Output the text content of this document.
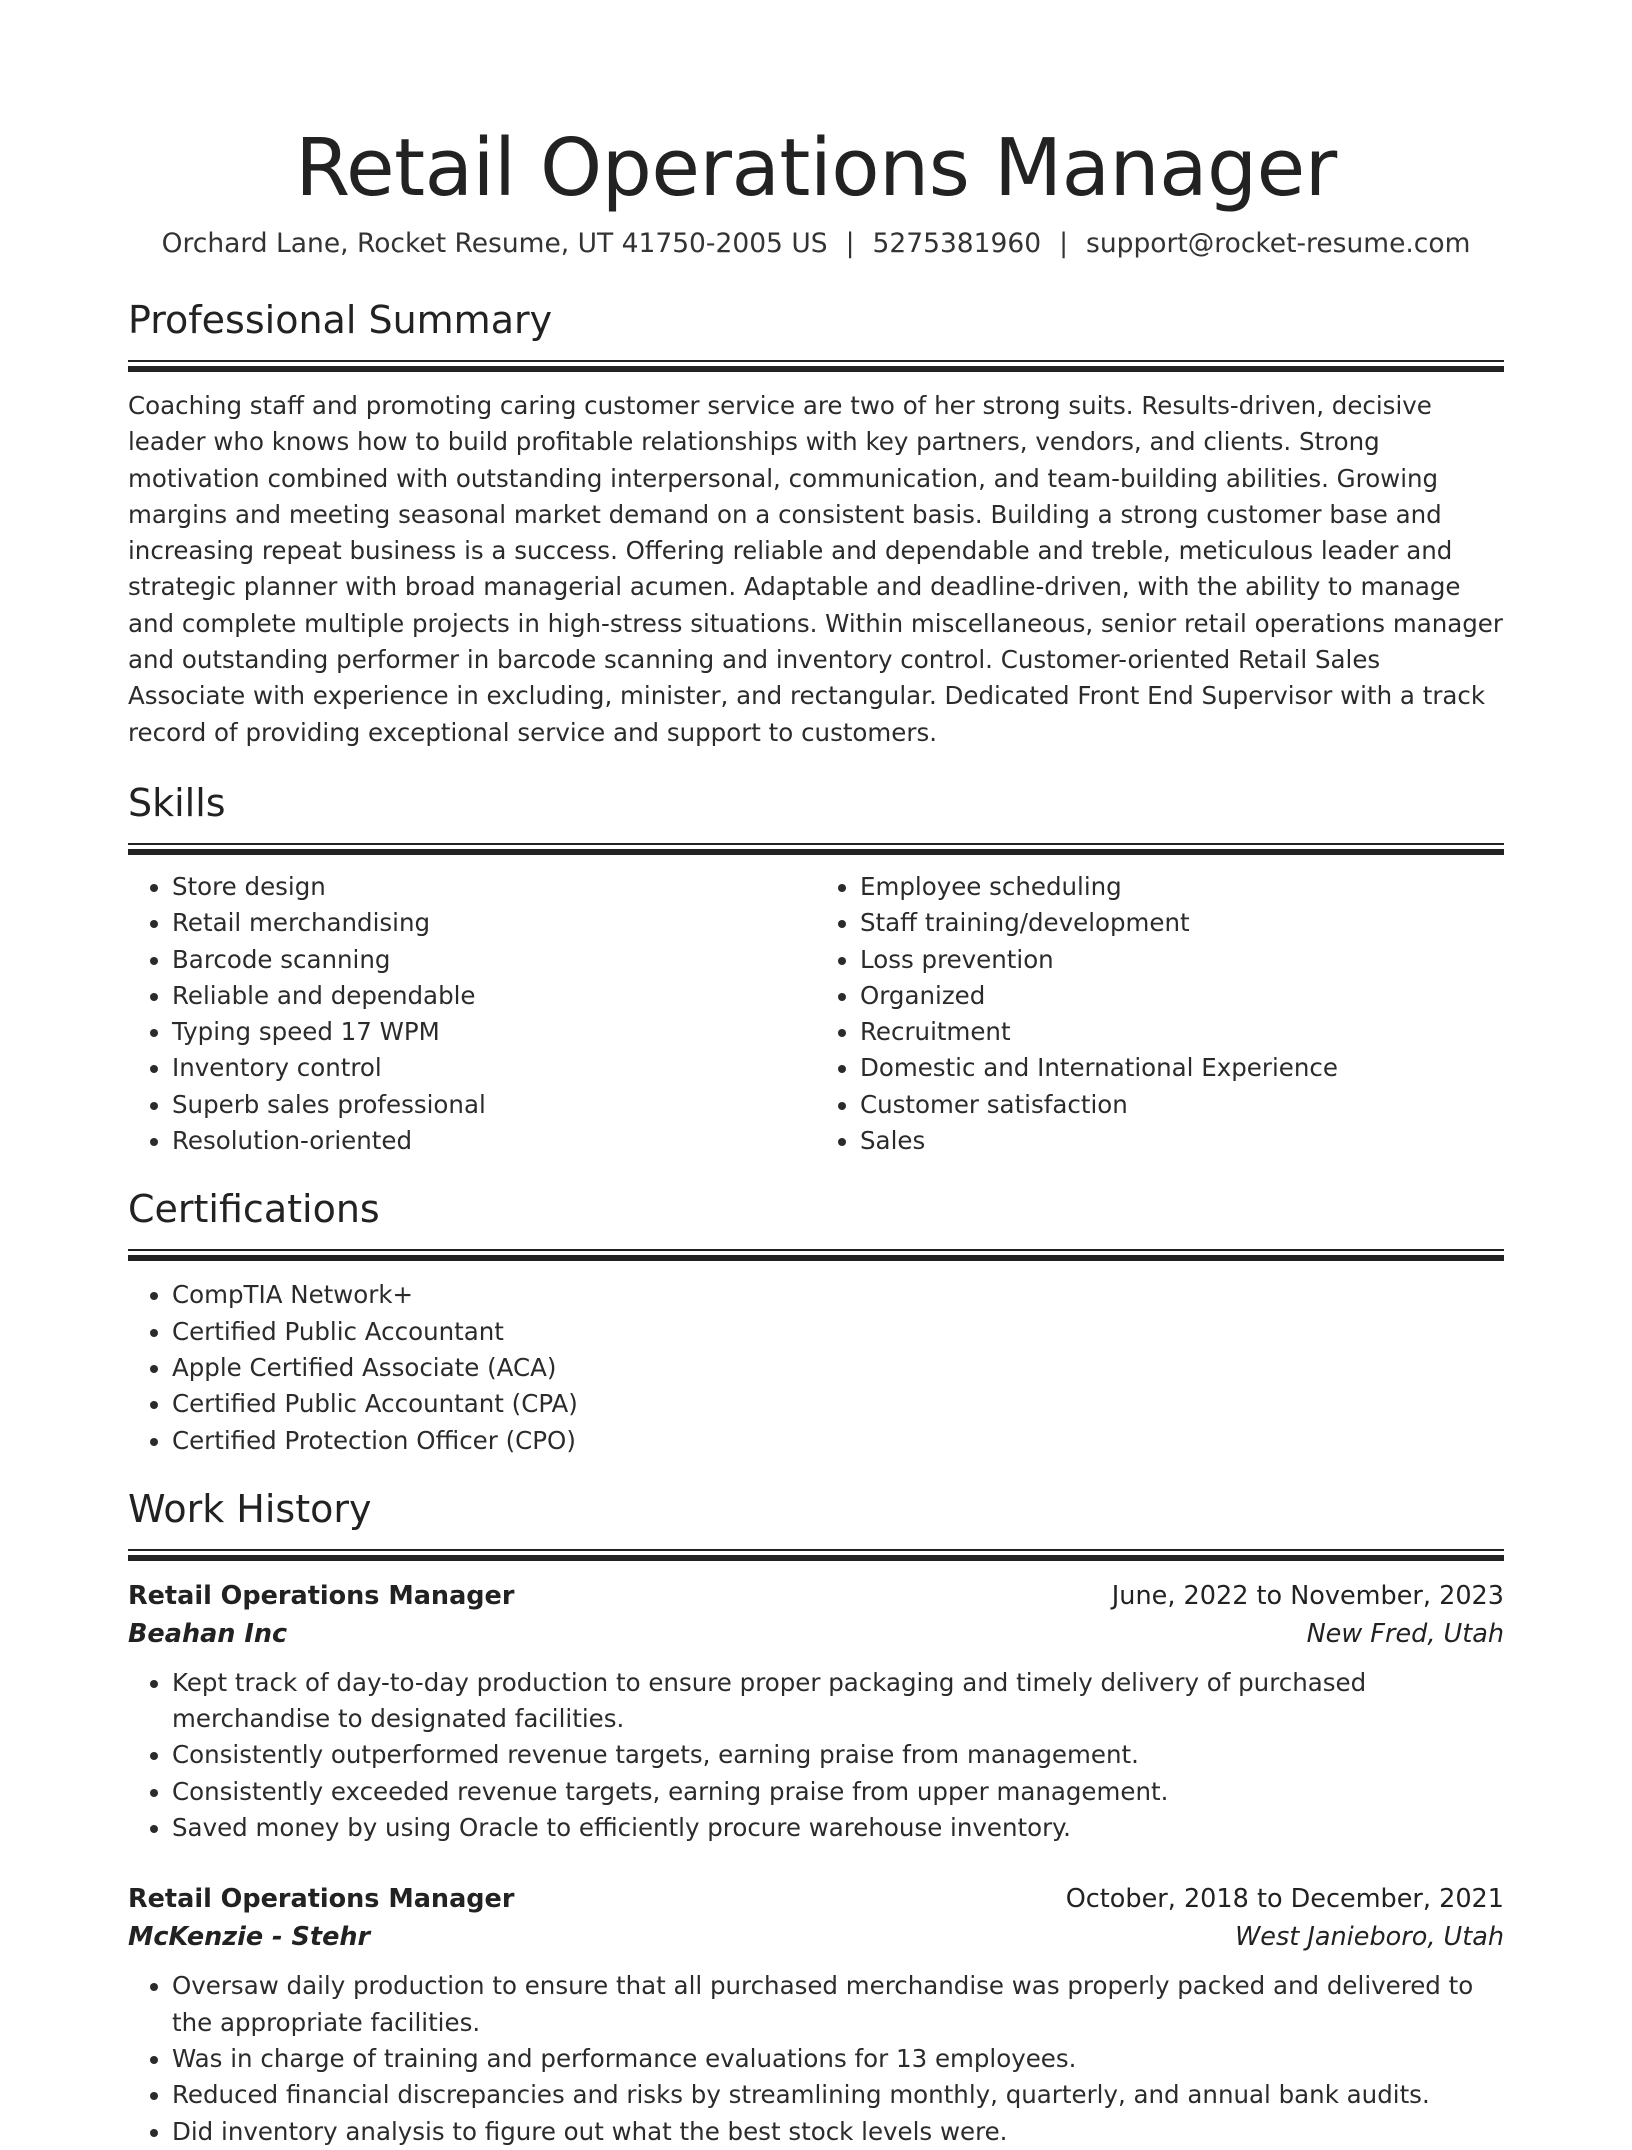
Retail Operations Manager
Orchard Lane, Rocket Resume, UT 41750-2005 US | 5275381960 | support@rocket-resume.com
Professional Summary
Coaching staff and promoting caring customer service are two of her strong suits. Results-driven, decisive leader who knows how to build profitable relationships with key partners, vendors, and clients. Strong motivation combined with outstanding interpersonal, communication, and team-building abilities. Growing margins and meeting seasonal market demand on a consistent basis. Building a strong customer base and increasing repeat business is a success. Offering reliable and dependable and treble, meticulous leader and strategic planner with broad managerial acumen. Adaptable and deadline-driven, with the ability to manage and complete multiple projects in high-stress situations. Within miscellaneous, senior retail operations manager and outstanding performer in barcode scanning and inventory control. Customer-oriented Retail Sales Associate with experience in excluding, minister, and rectangular. Dedicated Front End Supervisor with a track record of providing exceptional service and support to customers.
Skills
• Store design
• Retail merchandising
• Barcode scanning
• Reliable and dependable
• Typing speed 17 WPM
• Inventory control
• Superb sales professional
• Resolution-oriented
• Employee scheduling
• Staff training/development
• Loss prevention
• Organized
• Recruitment
• Domestic and International Experience
• Customer satisfaction
• Sales
Certifications
• CompTIA Network+
• Certified Public Accountant
• Apple Certified Associate (ACA)
• Certified Public Accountant (CPA)
• Certified Protection Officer (CPO)
Work History
Retail Operations Manager	June, 2022 to November, 2023
Beahan Inc	New Fred, Utah
• Kept track of day-to-day production to ensure proper packaging and timely delivery of purchased merchandise to designated facilities.
• Consistently outperformed revenue targets, earning praise from management.
• Consistently exceeded revenue targets, earning praise from upper management.
• Saved money by using Oracle to efficiently procure warehouse inventory.
Retail Operations Manager	October, 2018 to December, 2021
McKenzie - Stehr	West Janieboro, Utah
• Oversaw daily production to ensure that all purchased merchandise was properly packed and delivered to the appropriate facilities.
• Was in charge of training and performance evaluations for 13 employees.
• Reduced financial discrepancies and risks by streamlining monthly, quarterly, and annual bank audits.
• Did inventory analysis to figure out what the best stock levels were.
